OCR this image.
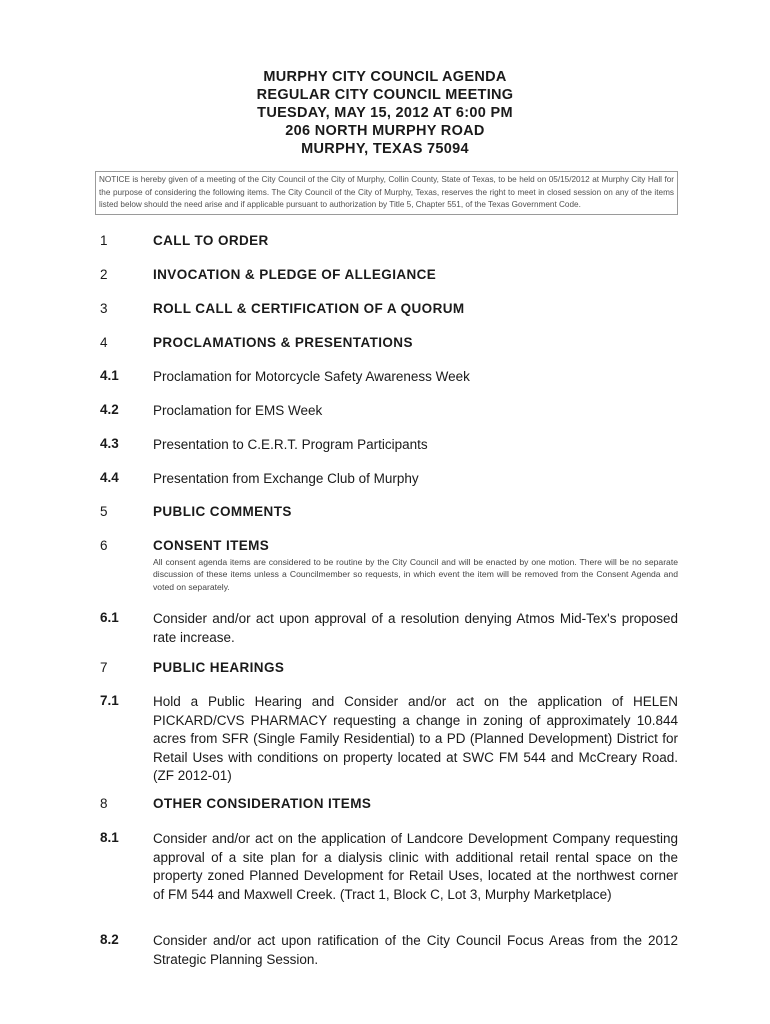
MURPHY CITY COUNCIL AGENDA
REGULAR CITY COUNCIL MEETING
TUESDAY, MAY 15, 2012 AT 6:00 PM
206 NORTH MURPHY ROAD
MURPHY, TEXAS 75094
NOTICE is hereby given of a meeting of the City Council of the City of Murphy, Collin County, State of Texas, to be held on 05/15/2012 at Murphy City Hall for the purpose of considering the following items. The City Council of the City of Murphy, Texas, reserves the right to meet in closed session on any of the items listed below should the need arise and if applicable pursuant to authorization by Title 5, Chapter 551, of the Texas Government Code.
1	CALL TO ORDER
2	INVOCATION & PLEDGE OF ALLEGIANCE
3	ROLL CALL & CERTIFICATION OF A QUORUM
4	PROCLAMATIONS & PRESENTATIONS
4.1	Proclamation for Motorcycle Safety Awareness Week
4.2	Proclamation for EMS Week
4.3	Presentation to C.E.R.T. Program Participants
4.4	Presentation from Exchange Club of Murphy
5	PUBLIC COMMENTS
6	CONSENT ITEMS
All consent agenda items are considered to be routine by the City Council and will be enacted by one motion. There will be no separate discussion of these items unless a Councilmember so requests, in which event the item will be removed from the Consent Agenda and voted on separately.
6.1	Consider and/or act upon approval of a resolution denying Atmos Mid-Tex's proposed rate increase.
7	PUBLIC HEARINGS
7.1	Hold a Public Hearing and Consider and/or act on the application of HELEN PICKARD/CVS PHARMACY requesting a change in zoning of approximately 10.844 acres from SFR (Single Family Residential) to a PD (Planned Development) District for Retail Uses with conditions on property located at SWC FM 544 and McCreary Road. (ZF 2012-01)
8	OTHER CONSIDERATION ITEMS
8.1	Consider and/or act on the application of Landcore Development Company requesting approval of a site plan for a dialysis clinic with additional retail rental space on the property zoned Planned Development for Retail Uses, located at the northwest corner of FM 544 and Maxwell Creek. (Tract 1, Block C, Lot 3, Murphy Marketplace)
8.2	Consider and/or act upon ratification of the City Council Focus Areas from the 2012 Strategic Planning Session.
